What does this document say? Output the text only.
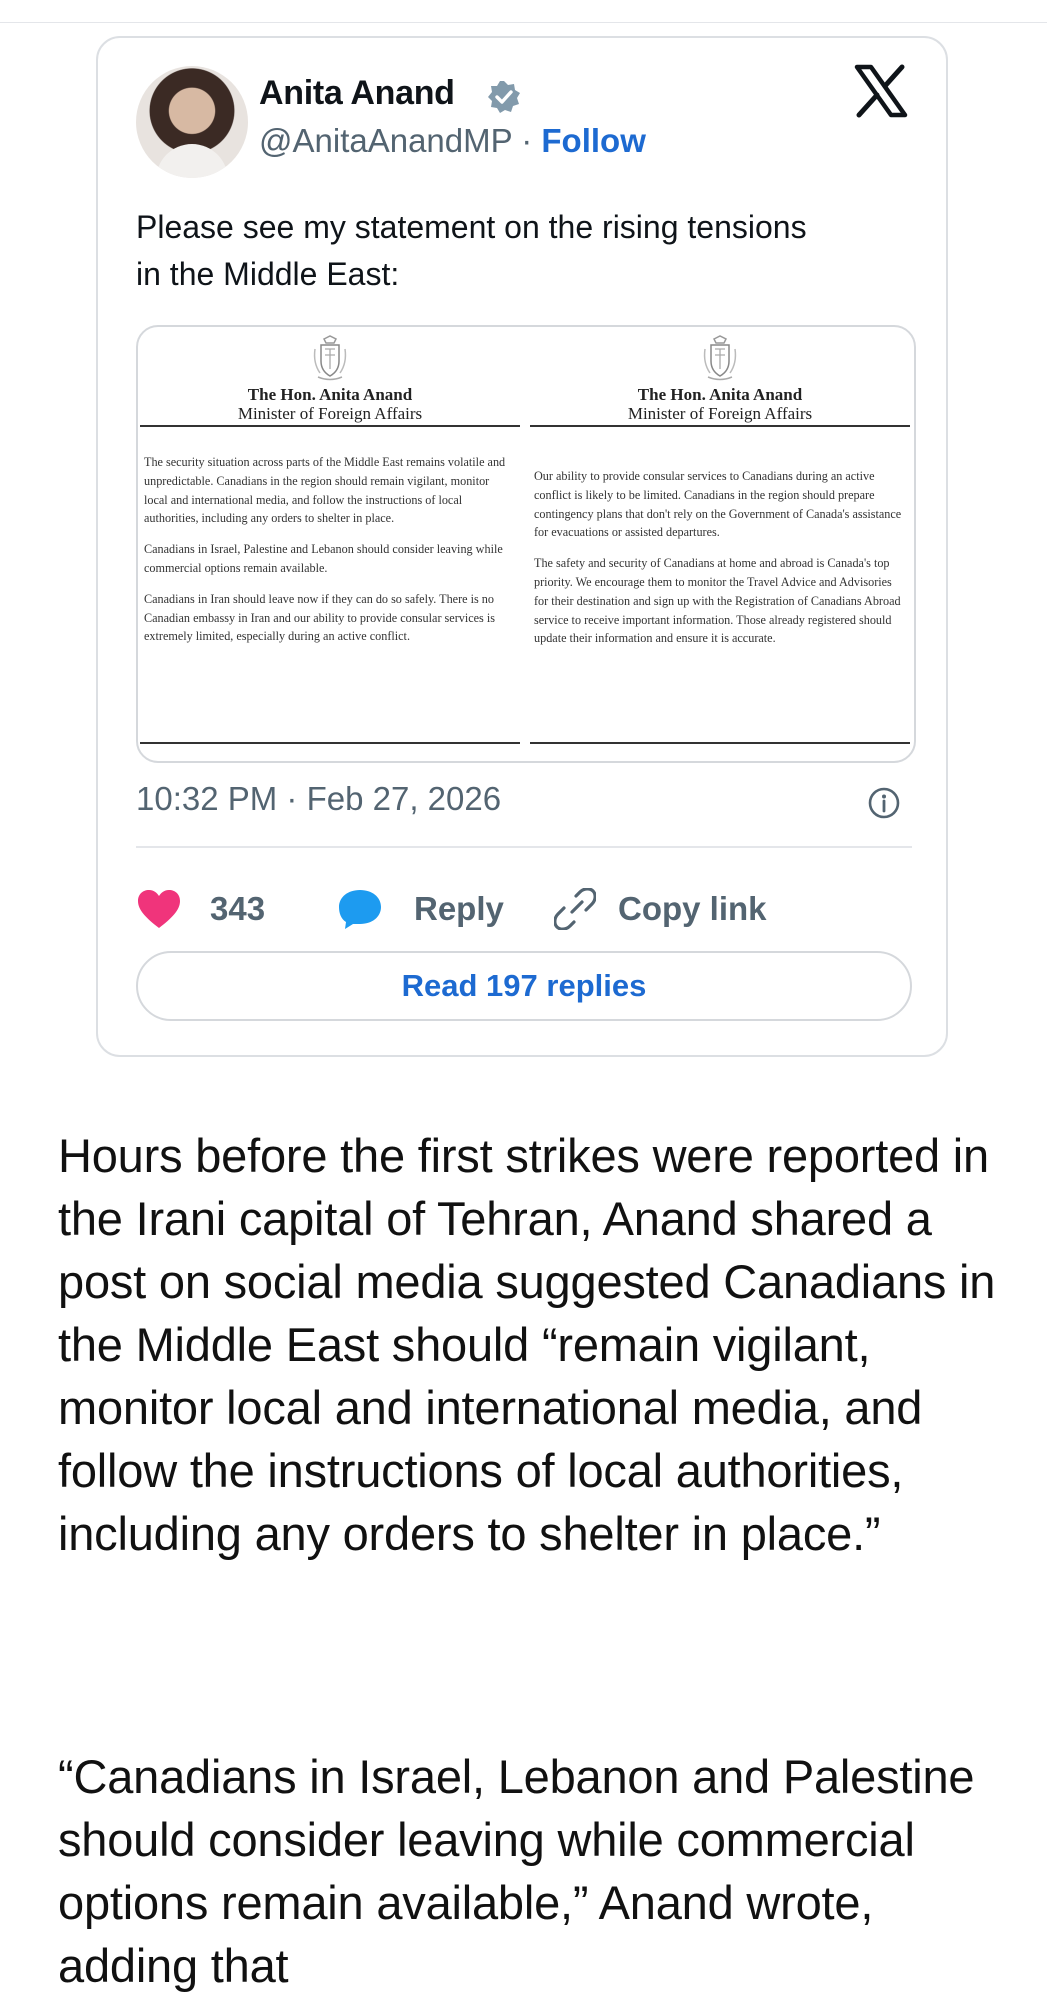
Anita Anand
@AnitaAnandMP · Follow
Please see my statement on the rising tensions
in the Middle East:
The Hon. Anita Anand
Minister of Foreign Affairs

The security situation across parts of the Middle East remains volatile and unpredictable. Canadians in the region should remain vigilant, monitor local and international media, and follow the instructions of local authorities, including any orders to shelter in place.

Canadians in Israel, Palestine and Lebanon should consider leaving while commercial options remain available.

Canadians in Iran should leave now if they can do so safely. There is no Canadian embassy in Iran and our ability to provide consular services is extremely limited, especially during an active conflict.

The Hon. Anita Anand
Minister of Foreign Affairs

Our ability to provide consular services to Canadians during an active conflict is likely to be limited. Canadians in the region should prepare contingency plans that don't rely on the Government of Canada's assistance for evacuations or assisted departures.

The safety and security of Canadians at home and abroad is Canada's top priority. We encourage them to monitor the Travel Advice and Advisories for their destination and sign up with the Registration of Canadians Abroad service to receive important information. Those already registered should update their information and ensure it is accurate.

10:32 PM · Feb 27, 2026
343	Reply	Copy link
Read 197 replies

Hours before the first strikes were reported in the Irani capital of Tehran, Anand shared a post on social media suggested Canadians in the Middle East should “remain vigilant, monitor local and international media, and follow the instructions of local authorities, including any orders to shelter in place.”

“Canadians in Israel, Lebanon and Palestine should consider leaving while commercial options remain available,” Anand wrote, adding that
